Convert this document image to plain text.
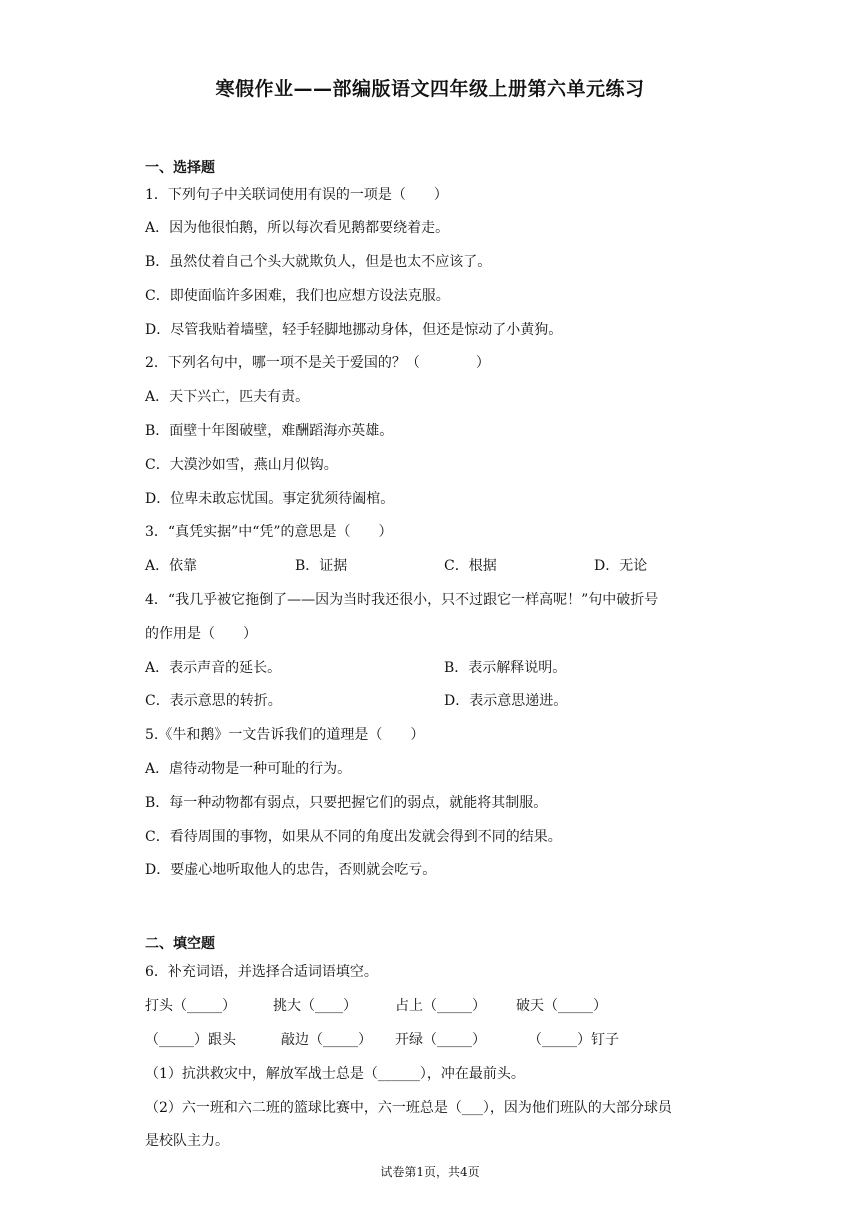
寒假作业——部编版语文四年级上册第六单元练习
一、选择题
1．下列句子中关联词使用有误的一项是（　　）
A．因为他很怕鹅，所以每次看见鹅都要绕着走。
B．虽然仗着自己个头大就欺负人，但是也太不应该了。
C．即使面临许多困难，我们也应想方设法克服。
D．尽管我贴着墙壁，轻手轻脚地挪动身体，但还是惊动了小黄狗。
2．下列名句中，哪一项不是关于爱国的？（　　　　）
A．天下兴亡，匹夫有责。
B．面壁十年图破壁，难酬蹈海亦英雄。
C．大漠沙如雪，燕山月似钩。
D．位卑未敢忘忧国。事定犹须待阖棺。
3．“真凭实据”中“凭”的意思是（　　）
A．依靠	B．证据	C．根据	D．无论
4．“我几乎被它拖倒了——因为当时我还很小，只不过跟它一样高呢！”句中破折号
的作用是（　　）
A．表示声音的延长。	B．表示解释说明。
C．表示意思的转折。	D．表示意思递进。
5.《牛和鹅》一文告诉我们的道理是（　　）
A．虐待动物是一种可耻的行为。
B．每一种动物都有弱点，只要把握它们的弱点，就能将其制服。
C．看待周围的事物，如果从不同的角度出发就会得到不同的结果。
D．要虚心地听取他人的忠告，否则就会吃亏。
二、填空题
6．补充词语，并选择合适词语填空。
打头（_____）	挑大（____）	占上（_____） 破天（_____）
（_____）跟头	敲边（_____） 开绿（_____）	（_____）钉子
（1）抗洪救灾中，解放军战士总是（______），冲在最前头。
（2）六一班和六二班的篮球比赛中，六一班总是（___），因为他们班队的大部分球员
是校队主力。
试卷第1页，共4页
